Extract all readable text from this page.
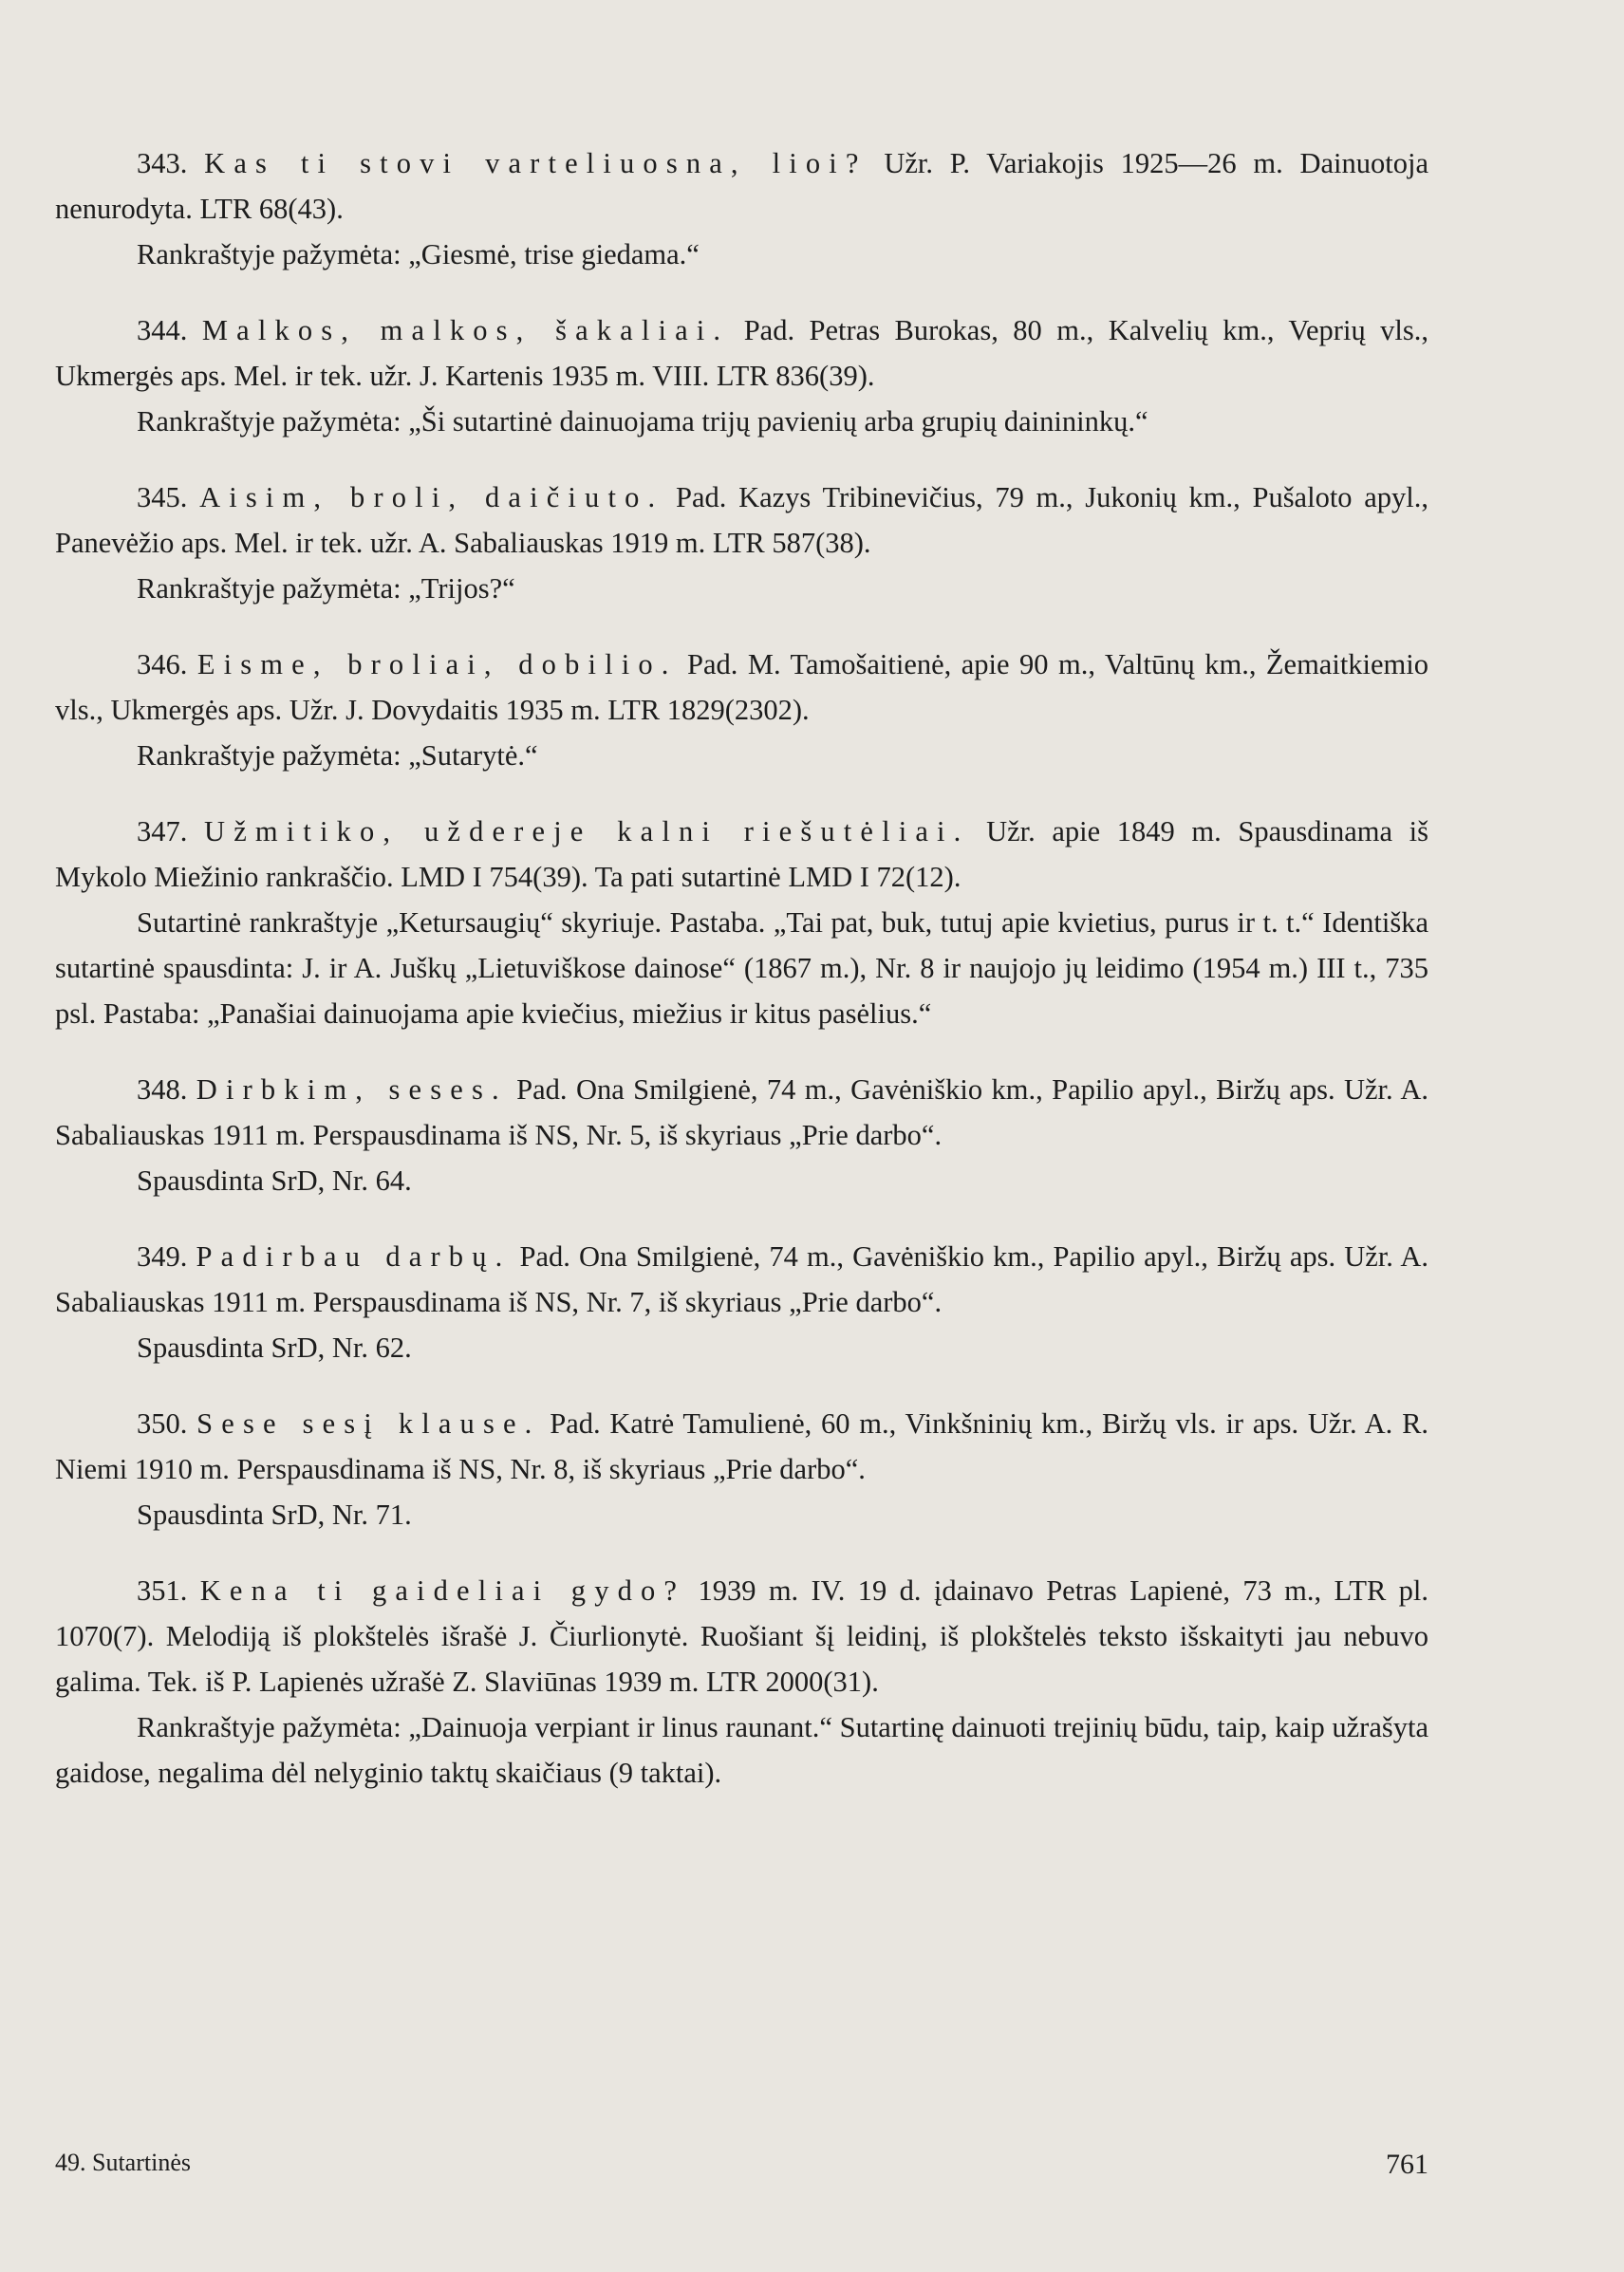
343. Kas ti stovi varteliuosna, lioi? Užr. P. Variakojis 1925—26 m. Dainuotoja nenurodyta. LTR 68(43).

Rankraštyje pažymėta: „Giesmė, trise giedama.“

344. Malkos, malkos, šakaliai. Pad. Petras Burokas, 80 m., Kalvelių km., Veprių vls., Ukmergės aps. Mel. ir tek. užr. J. Kartenis 1935 m. VIII. LTR 836(39).

Rankraštyje pažymėta: „Ši sutartinė dainuojama trijų pavienių arba grupių dainininkų.“

345. Aisim, broli, daičiuto. Pad. Kazys Tribinevičius, 79 m., Jukonių km., Pušaloto apyl., Panevėžio aps. Mel. ir tek. užr. A. Sabaliauskas 1919 m. LTR 587(38).

Rankraštyje pažymėta: „Trijos?“

346. Eisme, broliai, dobilio. Pad. M. Tamošaitienė, apie 90 m., Valtūnų km., Žemaitkiemio vls., Ukmergės aps. Užr. J. Dovydaitis 1935 m. LTR 1829(2302).

Rankraštyje pažymėta: „Sutarytė.“

347. Užmitiko, uždereje kalni riešutėliai. Užr. apie 1849 m. Spausdinama iš Mykolo Miežinio rankraščio. LMD I 754(39). Ta pati sutartinė LMD I 72(12).

Sutartinė rankraštyje „Ketursaugių“ skyriuje. Pastaba. „Tai pat, buk, tutuj apie kvietius, purus ir t. t.“ Identiška sutartinė spausdinta: J. ir A. Juškų „Lietuviškose dainose“ (1867 m.), Nr. 8 ir naujojo jų leidimo (1954 m.) III t., 735 psl. Pastaba: „Panašiai dainuojama apie kviečius, miežius ir kitus pasėlius.“

348. Dirbkim, seses. Pad. Ona Smilgienė, 74 m., Gavėniškio km., Papilio apyl., Biržų aps. Užr. A. Sabaliauskas 1911 m. Perspausdinama iš NS, Nr. 5, iš skyriaus „Prie darbo“.

Spausdinta SrD, Nr. 64.

349. Padirbau darbų. Pad. Ona Smilgienė, 74 m., Gavėniškio km., Papilio apyl., Biržų aps. Užr. A. Sabaliauskas 1911 m. Perspausdinama iš NS, Nr. 7, iš skyriaus „Prie darbo“.

Spausdinta SrD, Nr. 62.

350. Sese sesį klause. Pad. Katrė Tamulienė, 60 m., Vinkšninių km., Biržų vls. ir aps. Užr. A. R. Niemi 1910 m. Perspausdinama iš NS, Nr. 8, iš skyriaus „Prie darbo“.

Spausdinta SrD, Nr. 71.

351. Kena ti gaideliai gydo? 1939 m. IV. 19 d. įdainavo Petras Lapienė, 73 m., LTR pl. 1070(7). Melodiją iš plokštelės išrašė J. Čiurlionytė. Ruošiant šį leidinį, iš plokštelės teksto išskaityti jau nebuvo galima. Tek. iš P. Lapienės užrašė Z. Slaviūnas 1939 m. LTR 2000(31).

Rankraštyje pažymėta: „Dainuoja verpiant ir linus raunant.“ Sutartinę dainuoti trejinių būdu, taip, kaip užrašyta gaidose, negalima dėl nelyginio taktų skaičiaus (9 taktai).

49. Sutartinės	761
